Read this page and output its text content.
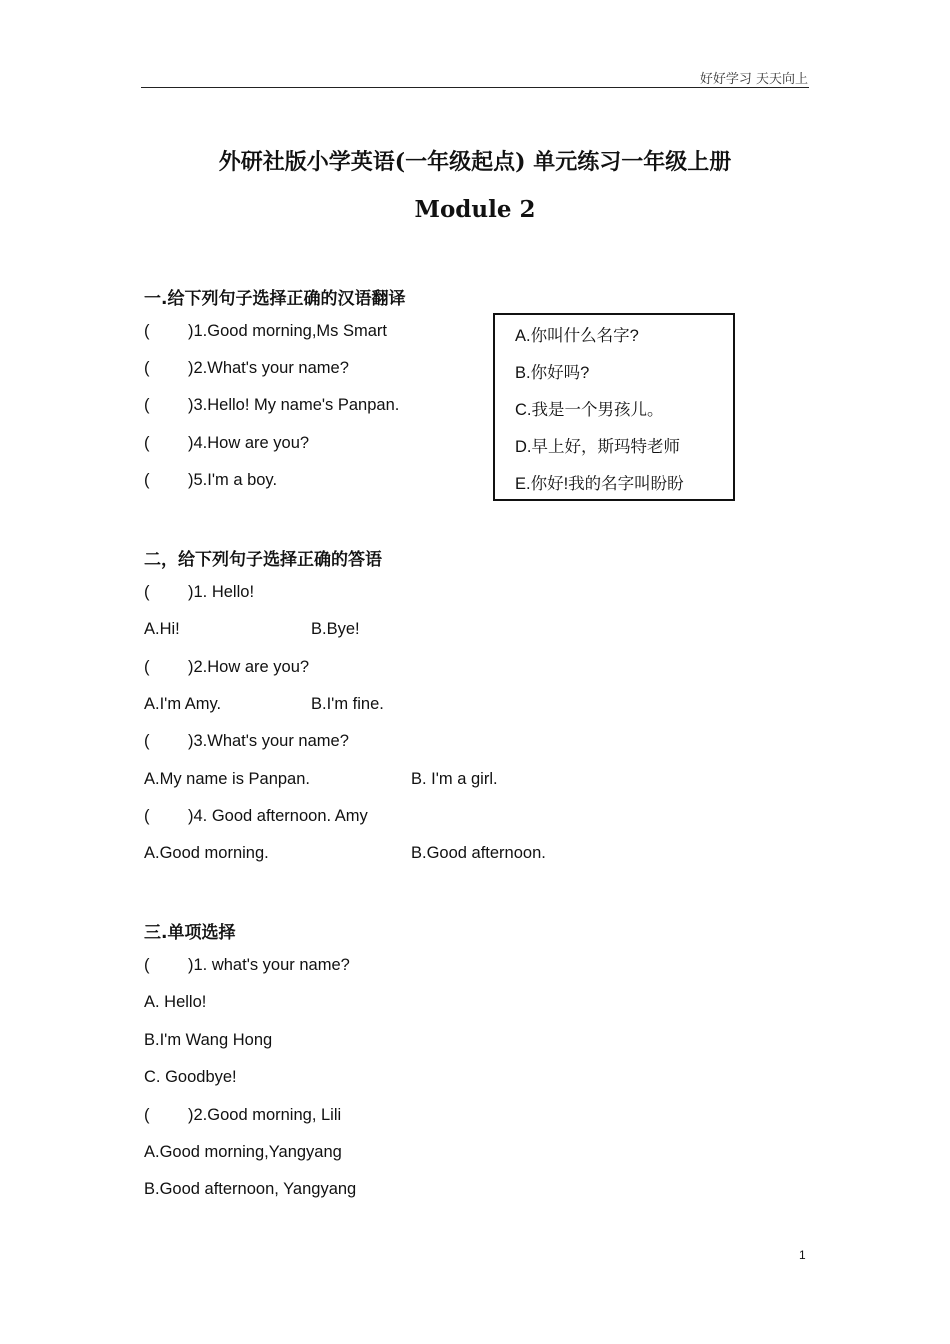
好好学习 天天向上
外研社版小学英语(一年级起点) 单元练习一年级上册
Module 2
一.给下列句子选择正确的汉语翻译
( )1.Good morning,Ms Smart
( )2.What's your name?
( )3.Hello! My name's Panpan.
( )4.How are you?
( )5.I'm a boy.
A.你叫什么名字?
B.你好吗?
C.我是一个男孩儿。
D.早上好，斯玛特老师
E.你好!我的名字叫盼盼
二，给下列句子选择正确的答语
( )1. Hello!
A.Hi!	B.Bye!
( )2.How are you?
A.I'm Amy.	B.I'm fine.
( )3.What's your name?
A.My name is Panpan.	B. I'm a girl.
( )4. Good afternoon. Amy
A.Good morning.	B.Good afternoon.
三.单项选择
( )1. what's your name?
A. Hello!
B.I'm Wang Hong
C. Goodbye!
( )2.Good morning, Lili
A.Good morning,Yangyang
B.Good afternoon, Yangyang
1
